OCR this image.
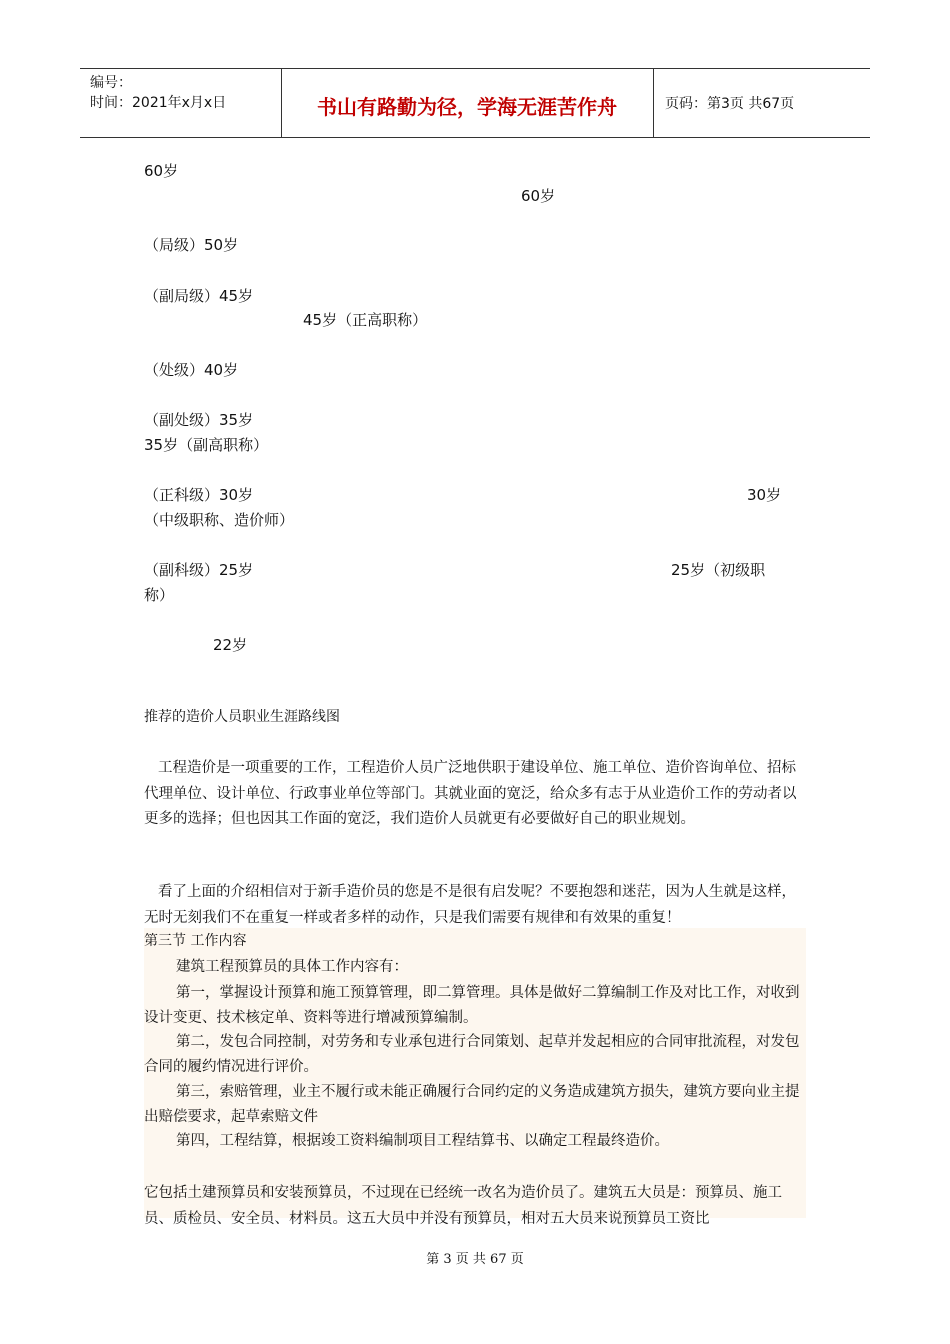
编号：
时间：2021年x月x日	书山有路勤为径，学海无涯苦作舟	页码：第3页 共67页
60岁
60岁
（局级）50岁
（副局级）45岁
45岁（正高职称）
（处级）40岁
（副处级）35岁
35岁（副高职称）
（正科级）30岁	30岁
（中级职称、造价师）
（副科级）25岁	25岁（初级职
称）
22岁
推荐的造价人员职业生涯路线图
工程造价是一项重要的工作，工程造价人员广泛地供职于建设单位、施工单位、造价咨询单位、招标代理单位、设计单位、行政事业单位等部门。其就业面的宽泛，给众多有志于从业造价工作的劳动者以更多的选择；但也因其工作面的宽泛，我们造价人员就更有必要做好自己的职业规划。
看了上面的介绍相信对于新手造价员的您是不是很有启发呢？不要抱怨和迷茫，因为人生就是这样，无时无刻我们不在重复一样或者多样的动作，只是我们需要有规律和有效果的重复！
第三节 工作内容
建筑工程预算员的具体工作内容有：
第一，掌握设计预算和施工预算管理，即二算管理。具体是做好二算编制工作及对比工作，对收到设计变更、技术核定单、资料等进行增减预算编制。
第二，发包合同控制，对劳务和专业承包进行合同策划、起草并发起相应的合同审批流程，对发包合同的履约情况进行评价。
第三，索赔管理，业主不履行或未能正确履行合同约定的义务造成建筑方损失，建筑方要向业主提出赔偿要求，起草索赔文件
第四，工程结算，根据竣工资料编制项目工程结算书、以确定工程最终造价。
它包括土建预算员和安装预算员，不过现在已经统一改名为造价员了。建筑五大员是：预算员、施工员、质检员、安全员、材料员。这五大员中并没有预算员，相对五大员来说预算员工资比
第 3 页 共 67 页
